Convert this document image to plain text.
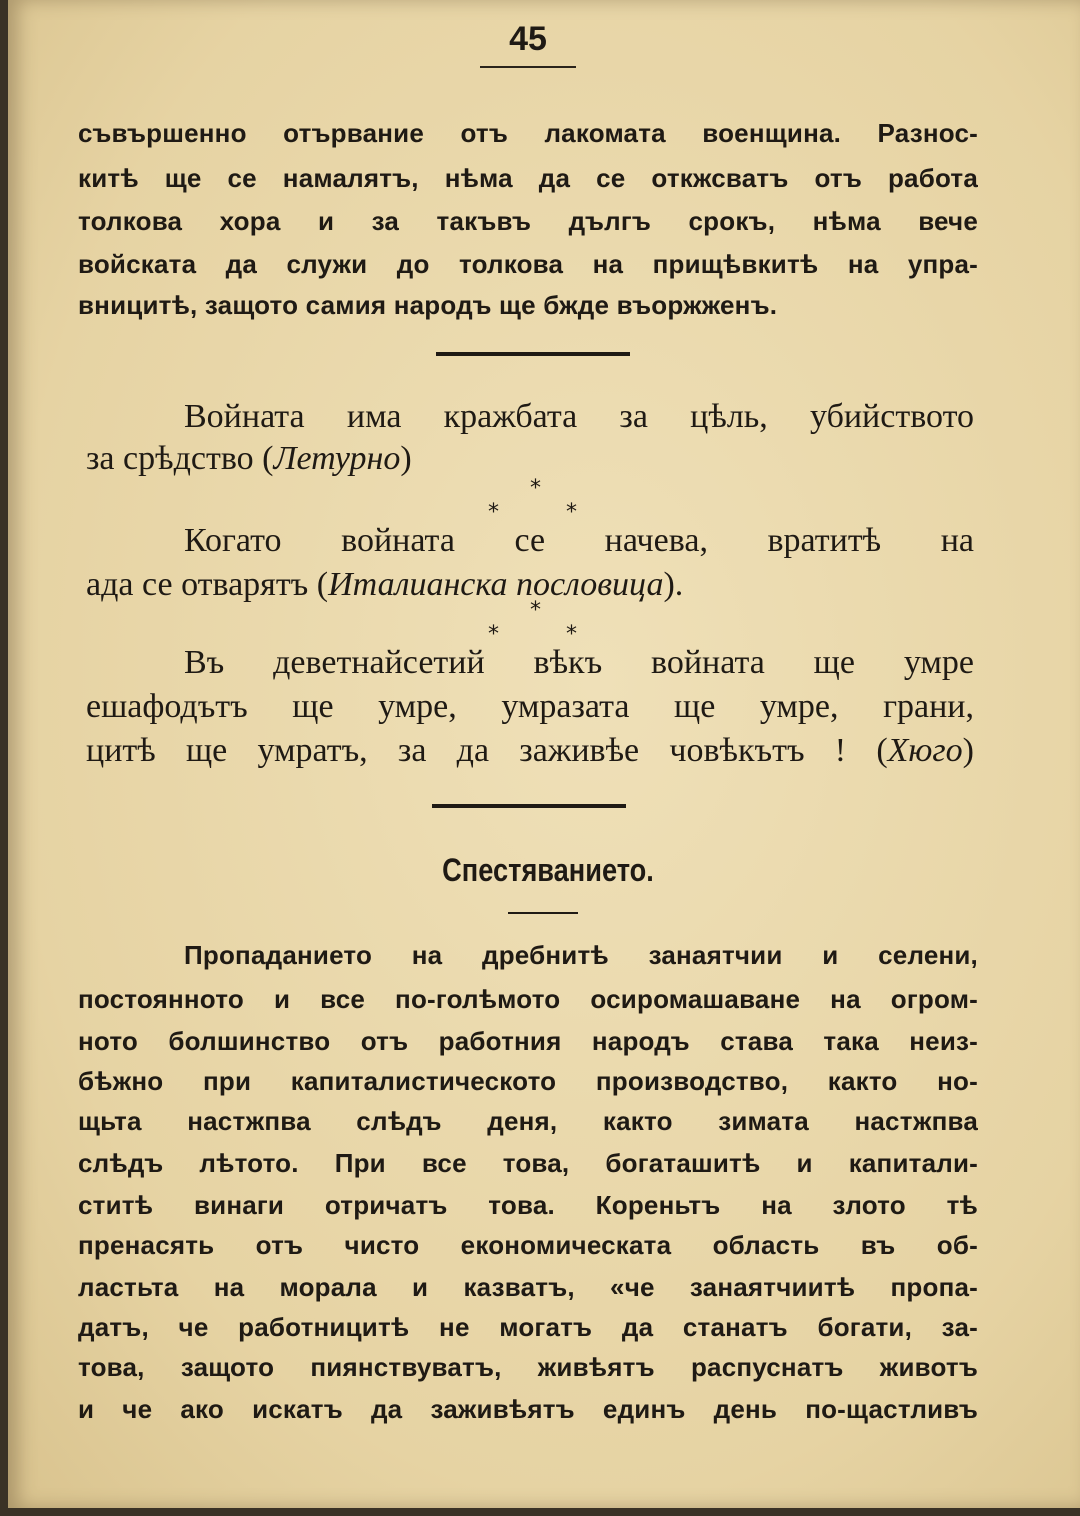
45
съвършенно отървание отъ лакомата военщина. Разнос-
китѣ ще се намалятъ, нѣма да се откжсватъ отъ работа
толкова хора и за такъвъ дългъ срокъ, нѣма вече
войската да служи до толкова на прищѣвкитѣ на упра-
вницитѣ, защото самия народъ ще бжде въоржженъ.
Войната има кражбата за цѣль, убийството
за срѣдство (Летурно)
*
*	*
Когато войната се начева, вратитѣ на
ада се отварятъ (Италианска пословица).
*
*	*
Въ деветнайсетий вѣкъ войната ще умре
ешафодътъ ще умре, умразата ще умре, грани,
цитѣ ще умратъ, за да заживѣе човѣкътъ ! (Хюго)
Спестяванието.
Пропаданието на дребнитѣ занаятчии и селени,
постоянното и все по-голѣмото осиромашаване на огром-
ното болшинство отъ работния народъ става така неиз-
бѣжно при капиталистическото производство, както но-
щьта настжпва слѣдъ деня, както зимата настжпва
слѣдъ лѣтото. При все това, богаташитѣ и капитали-
ститѣ винаги отричатъ това. Кореньтъ на злото тѣ
пренасять отъ чисто економическата область въ об-
ластьта на морала и казватъ, «че занаятчиитѣ пропа-
датъ, че работницитѣ не могатъ да станатъ богати, за-
това, защото пиянствуватъ, живѣятъ распуснатъ животъ
и че ако искатъ да заживѣятъ единъ день по-щастливъ
